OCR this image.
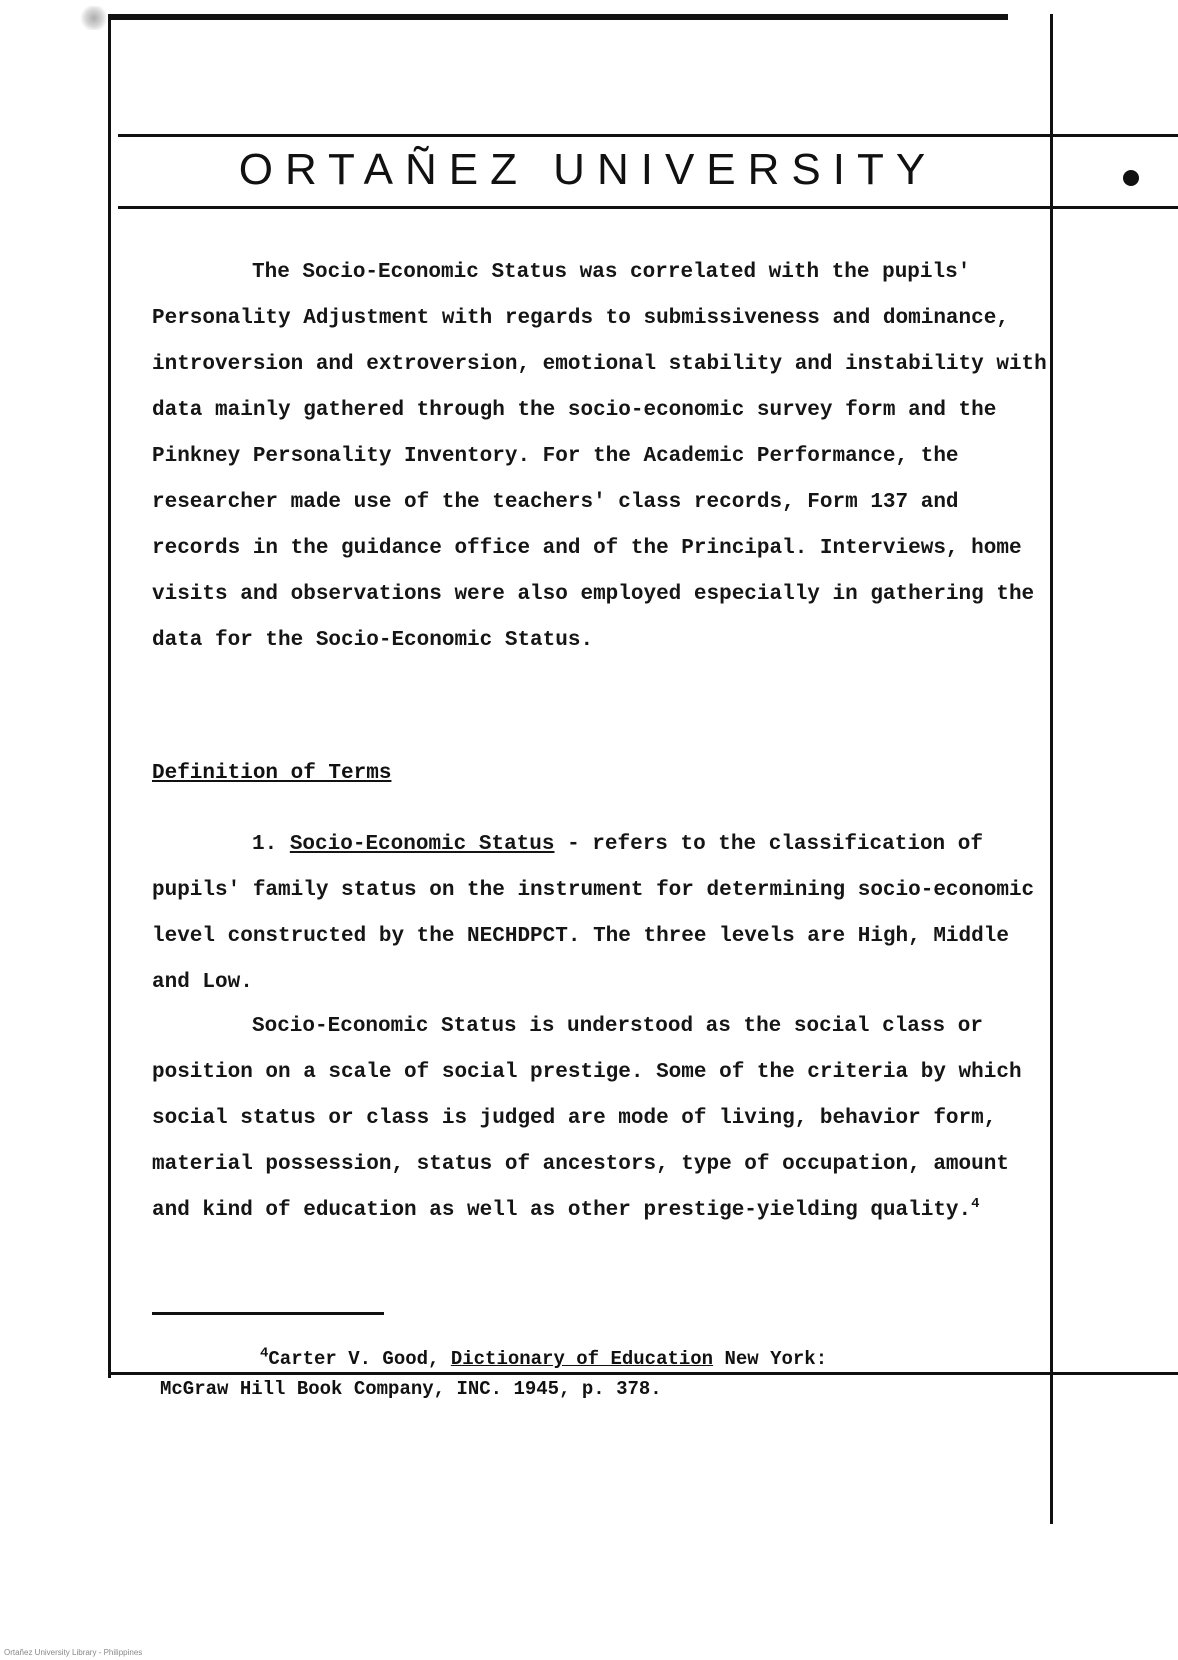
ORTAÑEZ UNIVERSITY
The Socio-Economic Status was correlated with the pupils' Personality Adjustment with regards to submissiveness and dominance, introversion and extroversion, emotional stability and instability with data mainly gathered through the socio-economic survey form and the Pinkney Personality Inventory. For the Academic Performance, the researcher made use of the teachers' class records, Form 137 and records in the guidance office and of the Principal. Interviews, home visits and observations were also employed especially in gathering the data for the Socio-Economic Status.
Definition of Terms
1. Socio-Economic Status - refers to the classification of pupils' family status on the instrument for determining socio-economic level constructed by the NECHDPCT. The three levels are High, Middle and Low.
Socio-Economic Status is understood as the social class or position on a scale of social prestige. Some of the criteria by which social status or class is judged are mode of living, behavior form, material possession, status of ancestors, type of occupation, amount and kind of education as well as other prestige-yielding quality.$^4$
$^4$Carter V. Good, Dictionary of Education New York:
McGraw Hill Book Company, INC. 1945, p. 378.
Ortañez University Library - Philippines
